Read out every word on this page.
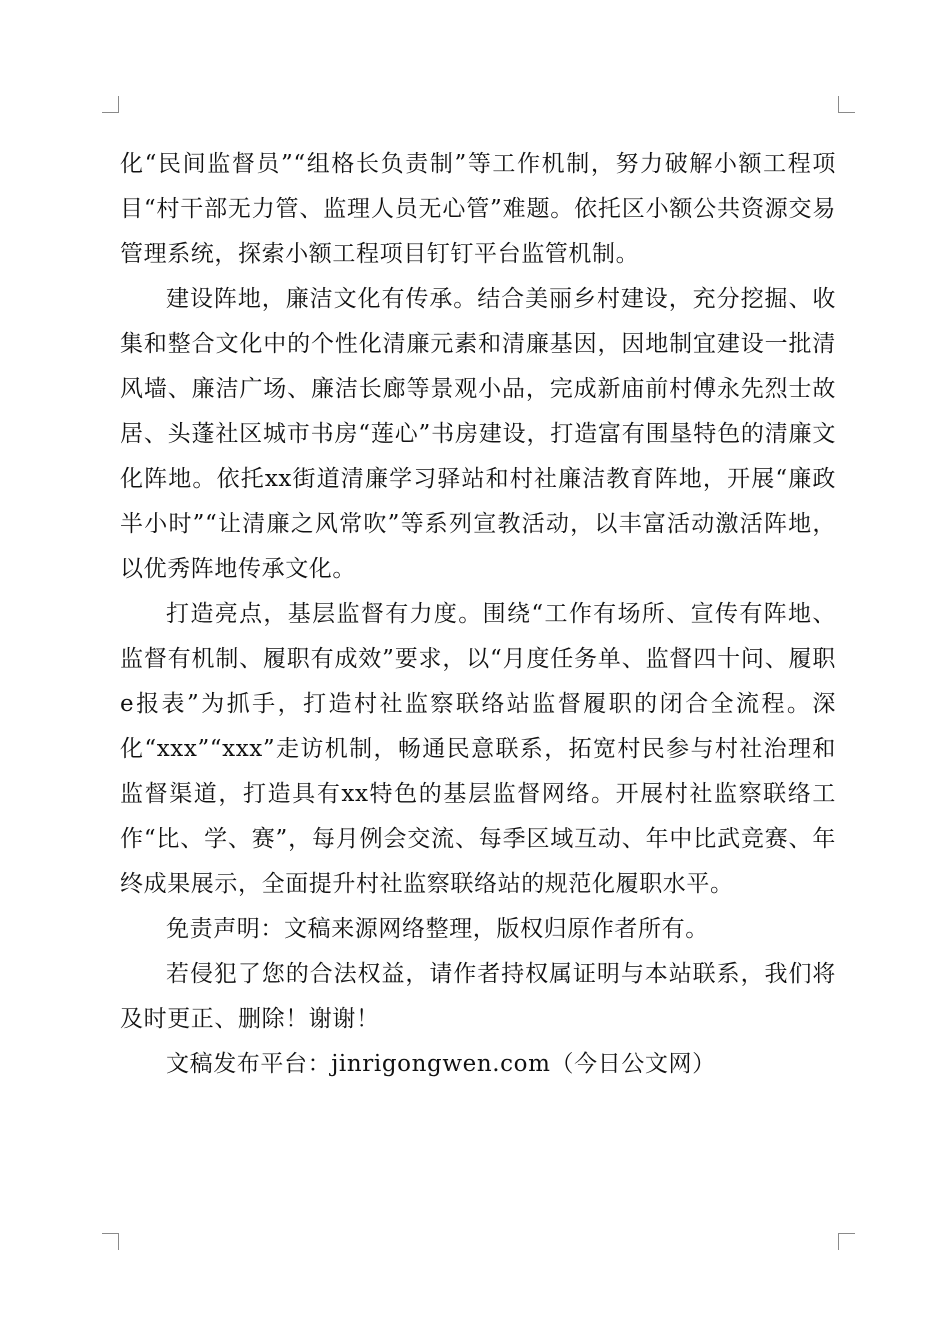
化“民间监督员”“组格长负责制”等工作机制，努力破解小额工程项目“村干部无力管、监理人员无心管”难题。依托区小额公共资源交易管理系统，探索小额工程项目钉钉平台监管机制。

建设阵地，廉洁文化有传承。结合美丽乡村建设，充分挖掘、收集和整合文化中的个性化清廉元素和清廉基因，因地制宜建设一批清风墙、廉洁广场、廉洁长廊等景观小品，完成新庙前村傅永先烈士故居、头蓬社区城市书房“莲心”书房建设，打造富有围垦特色的清廉文化阵地。依托xx街道清廉学习驿站和村社廉洁教育阵地，开展“廉政半小时”“让清廉之风常吹”等系列宣教活动，以丰富活动激活阵地，以优秀阵地传承文化。

打造亮点，基层监督有力度。围绕“工作有场所、宣传有阵地、监督有机制、履职有成效”要求，以“月度任务单、监督四十问、履职e报表”为抓手，打造村社监察联络站监督履职的闭合全流程。深化“xxx”“xxx”走访机制，畅通民意联系，拓宽村民参与村社治理和监督渠道，打造具有xx特色的基层监督网络。开展村社监察联络工作“比、学、赛”，每月例会交流、每季区域互动、年中比武竞赛、年终成果展示，全面提升村社监察联络站的规范化履职水平。

免责声明：文稿来源网络整理，版权归原作者所有。

若侵犯了您的合法权益，请作者持权属证明与本站联系，我们将及时更正、删除！谢谢！

文稿发布平台：jinrigongwen.com（今日公文网）
